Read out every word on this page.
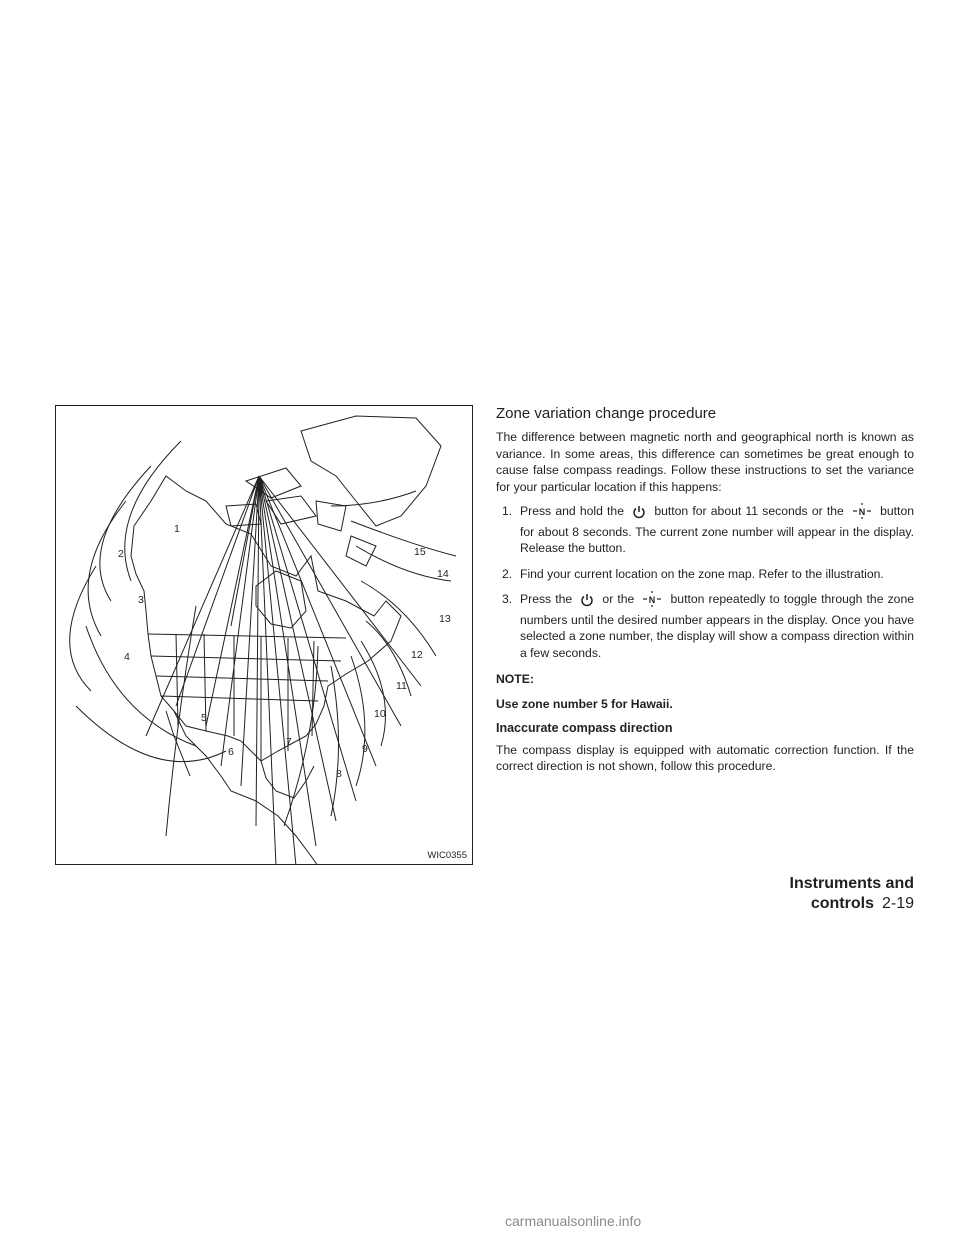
1
2
3
4
5
6
7
8
9
10
11
12
13
14
15
WIC0355
Zone variation change procedure

The difference between magnetic north and geographical north is known as variance. In some areas, this difference can sometimes be great enough to cause false compass readings. Follow these instructions to set the variance for your particular location if this happens:

1. Press and hold the button for about 11 seconds or the N button for about 8 seconds. The current zone number will appear in the display. Release the button.
2. Find your current location on the zone map. Refer to the illustration.
3. Press the or the N button repeatedly to toggle through the zone numbers until the desired number appears in the display. Once you have selected a zone number, the display will show a compass direction within a few seconds.

NOTE:

Use zone number 5 for Hawaii.

Inaccurate compass direction

The compass display is equipped with automatic correction function. If the correct direction is not shown, follow this procedure.

Instruments and controls 2-19
carmanualsonline.info
